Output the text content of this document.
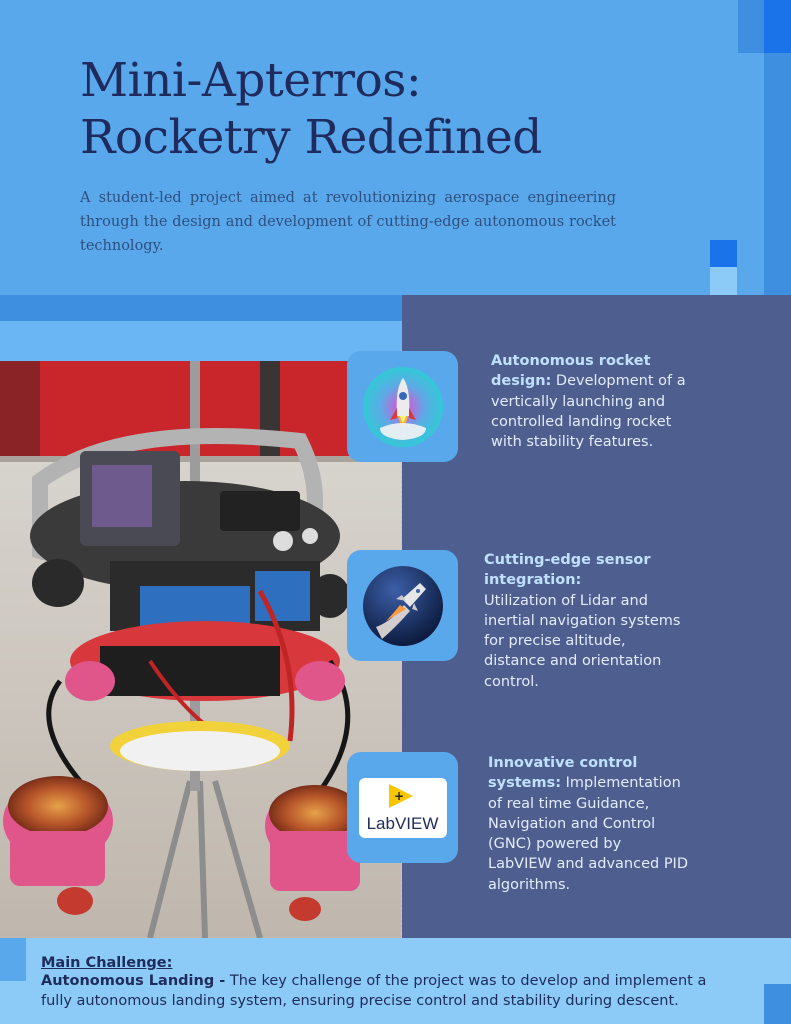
Mini-Apterros:
Rocketry Redefined

A student-led project aimed at revolutionizing aerospace engineering through the design and development of cutting-edge autonomous rocket technology.

Autonomous rocket design: Development of a vertically launching and controlled landing rocket with stability features.

Cutting-edge sensor integration:
Utilization of Lidar and inertial navigation systems for precise altitude, distance and orientation control.

+
LabVIEW

Innovative control systems: Implementation of real time Guidance, Navigation and Control (GNC) powered by LabVIEW and advanced PID algorithms.

Main Challenge:

Autonomous Landing - The key challenge of the project was to develop and implement a fully autonomous landing system, ensuring precise control and stability during descent.
